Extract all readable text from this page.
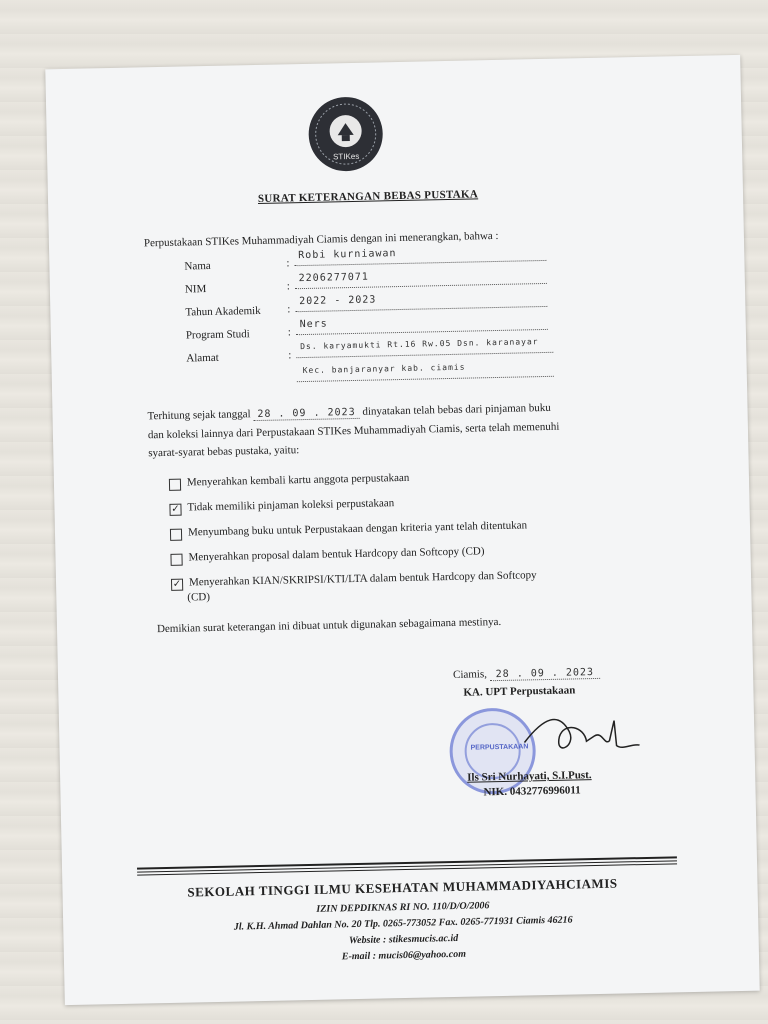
STIKes
SURAT KETERANGAN BEBAS PUSTAKA
Perpustakaan STIKes Muhammadiyah Ciamis dengan ini menerangkan, bahwa :
Nama	:
Robi kurniawan
NIM	:
2206277071
Tahun Akademik :
2022 - 2023
Program Studi	:
Ners
Alamat	:
Ds. karyamukti Rt.16 Rw.05 Dsn. karanayar
Kec. banjaranyar kab. ciamis
Terhitung sejak tanggal 28 . 09 . 2023 dinyatakan telah bebas dari pinjaman buku dan koleksi lainnya dari Perpustakaan STIKes Muhammadiyah Ciamis, serta telah memenuhi syarat-syarat bebas pustaka, yaitu:
Menyerahkan kembali kartu anggota perpustakaan
✓ Tidak memiliki pinjaman koleksi perpustakaan
Menyumbang buku untuk Perpustakaan dengan kriteria yant telah ditentukan
Menyerahkan proposal dalam bentuk Hardcopy dan Softcopy (CD)
✓ Menyerahkan KIAN/SKRIPSI/KTI/LTA dalam bentuk Hardcopy dan Softcopy
(CD)
Demikian surat keterangan ini dibuat untuk digunakan sebagaimana mestinya.
Ciamis, 28 . 09 . 2023
KA. UPT Perpustakaan
PERPUSTAKAAN
Ils Sri Nurhayati, S.I.Pust.
NIK. 0432776996011
SEKOLAH TINGGI ILMU KESEHATAN MUHAMMADIYAHCIAMIS
IZIN DEPDIKNAS RI NO. 110/D/O/2006
Jl. K.H. Ahmad Dahlan No. 20 Tlp. 0265-773052 Fax. 0265-771931 Ciamis 46216
Website : stikesmucis.ac.id
E-mail : mucis06@yahoo.com
